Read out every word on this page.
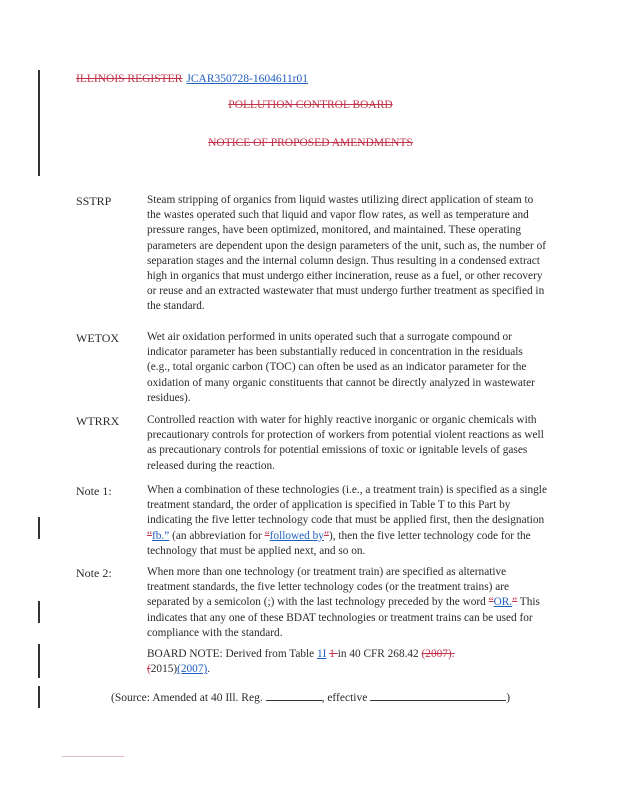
ILLINOIS REGISTER JCAR350728-1604611r01
POLLUTION CONTROL BOARD
NOTICE OF PROPOSED AMENDMENTS
SSTRP	Steam stripping of organics from liquid wastes utilizing direct application of steam to the wastes operated such that liquid and vapor flow rates, as well as temperature and pressure ranges, have been optimized, monitored, and maintained. These operating parameters are dependent upon the design parameters of the unit, such as, the number of separation stages and the internal column design. Thus resulting in a condensed extract high in organics that must undergo either incineration, reuse as a fuel, or other recovery or reuse and an extracted wastewater that must undergo further treatment as specified in the standard.
WETOX Wet air oxidation performed in units operated such that a surrogate compound or indicator parameter has been substantially reduced in concentration in the residuals (e.g., total organic carbon (TOC) can often be used as an indicator parameter for the oxidation of many organic constituents that cannot be directly analyzed in wastewater residues).
WTRRX Controlled reaction with water for highly reactive inorganic or organic chemicals with precautionary controls for protection of workers from potential violent reactions as well as precautionary controls for potential emissions of toxic or ignitable levels of gases released during the reaction.
Note 1:	When a combination of these technologies (i.e., a treatment train) is specified as a single treatment standard, the order of application is specified in Table T to this Part by indicating the five letter technology code that must be applied first, then the designation “fb.” (an abbreviation for “followed by”), then the five letter technology code for the technology that must be applied next, and so on.
Note 2:	When more than one technology (or treatment train) are specified as alternative treatment standards, the five letter technology codes (or the treatment trains) are separated by a semicolon (;) with the last technology preceded by the word “OR.” This indicates that any one of these BDAT technologies or treatment trains can be used for compliance with the standard.
BOARD NOTE: Derived from Table 1I 1 in 40 CFR 268.42 (2007).
(2015)(2007).
(Source: Amended at 40 Ill. Reg.	, effective	)
